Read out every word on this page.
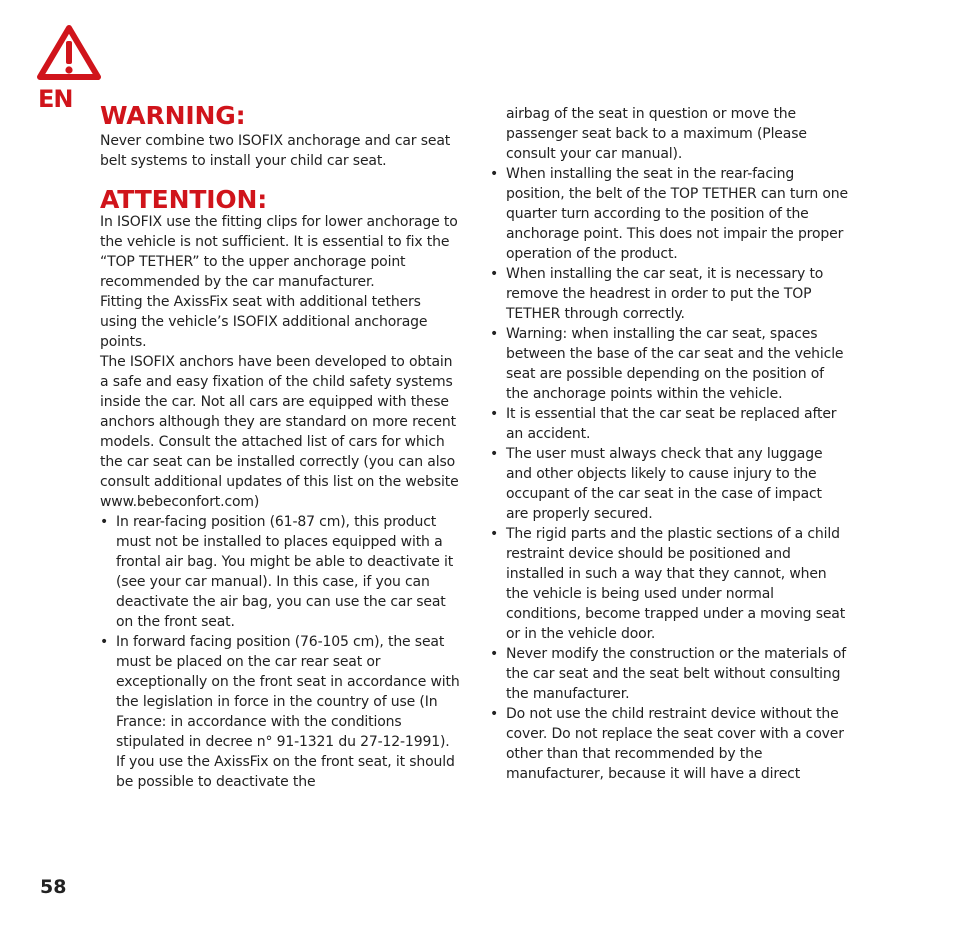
EN
WARNING:

Never combine two ISOFIX anchorage and car seat belt systems to install your child car seat.

ATTENTION:

In ISOFIX use the fitting clips for lower anchorage to the vehicle is not sufficient. It is essential to fix the “TOP TETHER” to the upper anchorage point recommended by the car manufacturer.

Fitting the AxissFix seat with additional tethers using the vehicle’s ISOFIX additional anchorage points.

The ISOFIX anchors have been developed to obtain a safe and easy fixation of the child safety systems inside the car. Not all cars are equipped with these anchors although they are standard on more recent models. Consult the attached list of cars for which the car seat can be installed correctly (you can also consult additional updates of this list on the website www.bebeconfort.com)

• In rear-facing position (61-87 cm), this product must not be installed to places equipped with a frontal air bag. You might be able to deactivate it (see your car manual). In this case, if you can deactivate the air bag, you can use the car seat on the front seat.
• In forward facing position (76-105 cm), the seat must be placed on the car rear seat or exceptionally on the front seat in accordance with the legislation in force in the country of use (In France: in accordance with the conditions stipulated in decree n° 91-1321 du 27-12-1991). If you use the AxissFix on the front seat, it should be possible to deactivate the

airbag of the seat in question or move the passenger seat back to a maximum (Please consult your car manual).

• When installing the seat in the rear-facing position, the belt of the TOP TETHER can turn one quarter turn according to the position of the anchorage point. This does not impair the proper operation of the product.
• When installing the car seat, it is necessary to remove the headrest in order to put the TOP TETHER through correctly.
• Warning: when installing the car seat, spaces between the base of the car seat and the vehicle seat are possible depending on the position of the anchorage points within the vehicle.
• It is essential that the car seat be replaced after an accident.
• The user must always check that any luggage and other objects likely to cause injury to the occupant of the car seat in the case of impact are properly secured.
• The rigid parts and the plastic sections of a child restraint device should be positioned and installed in such a way that they cannot, when the vehicle is being used under normal conditions, become trapped under a moving seat or in the vehicle door.
• Never modify the construction or the materials of the car seat and the seat belt without consulting the manufacturer.
• Do not use the child restraint device without the cover. Do not replace the seat cover with a cover other than that recommended by the manufacturer, because it will have a direct
58
